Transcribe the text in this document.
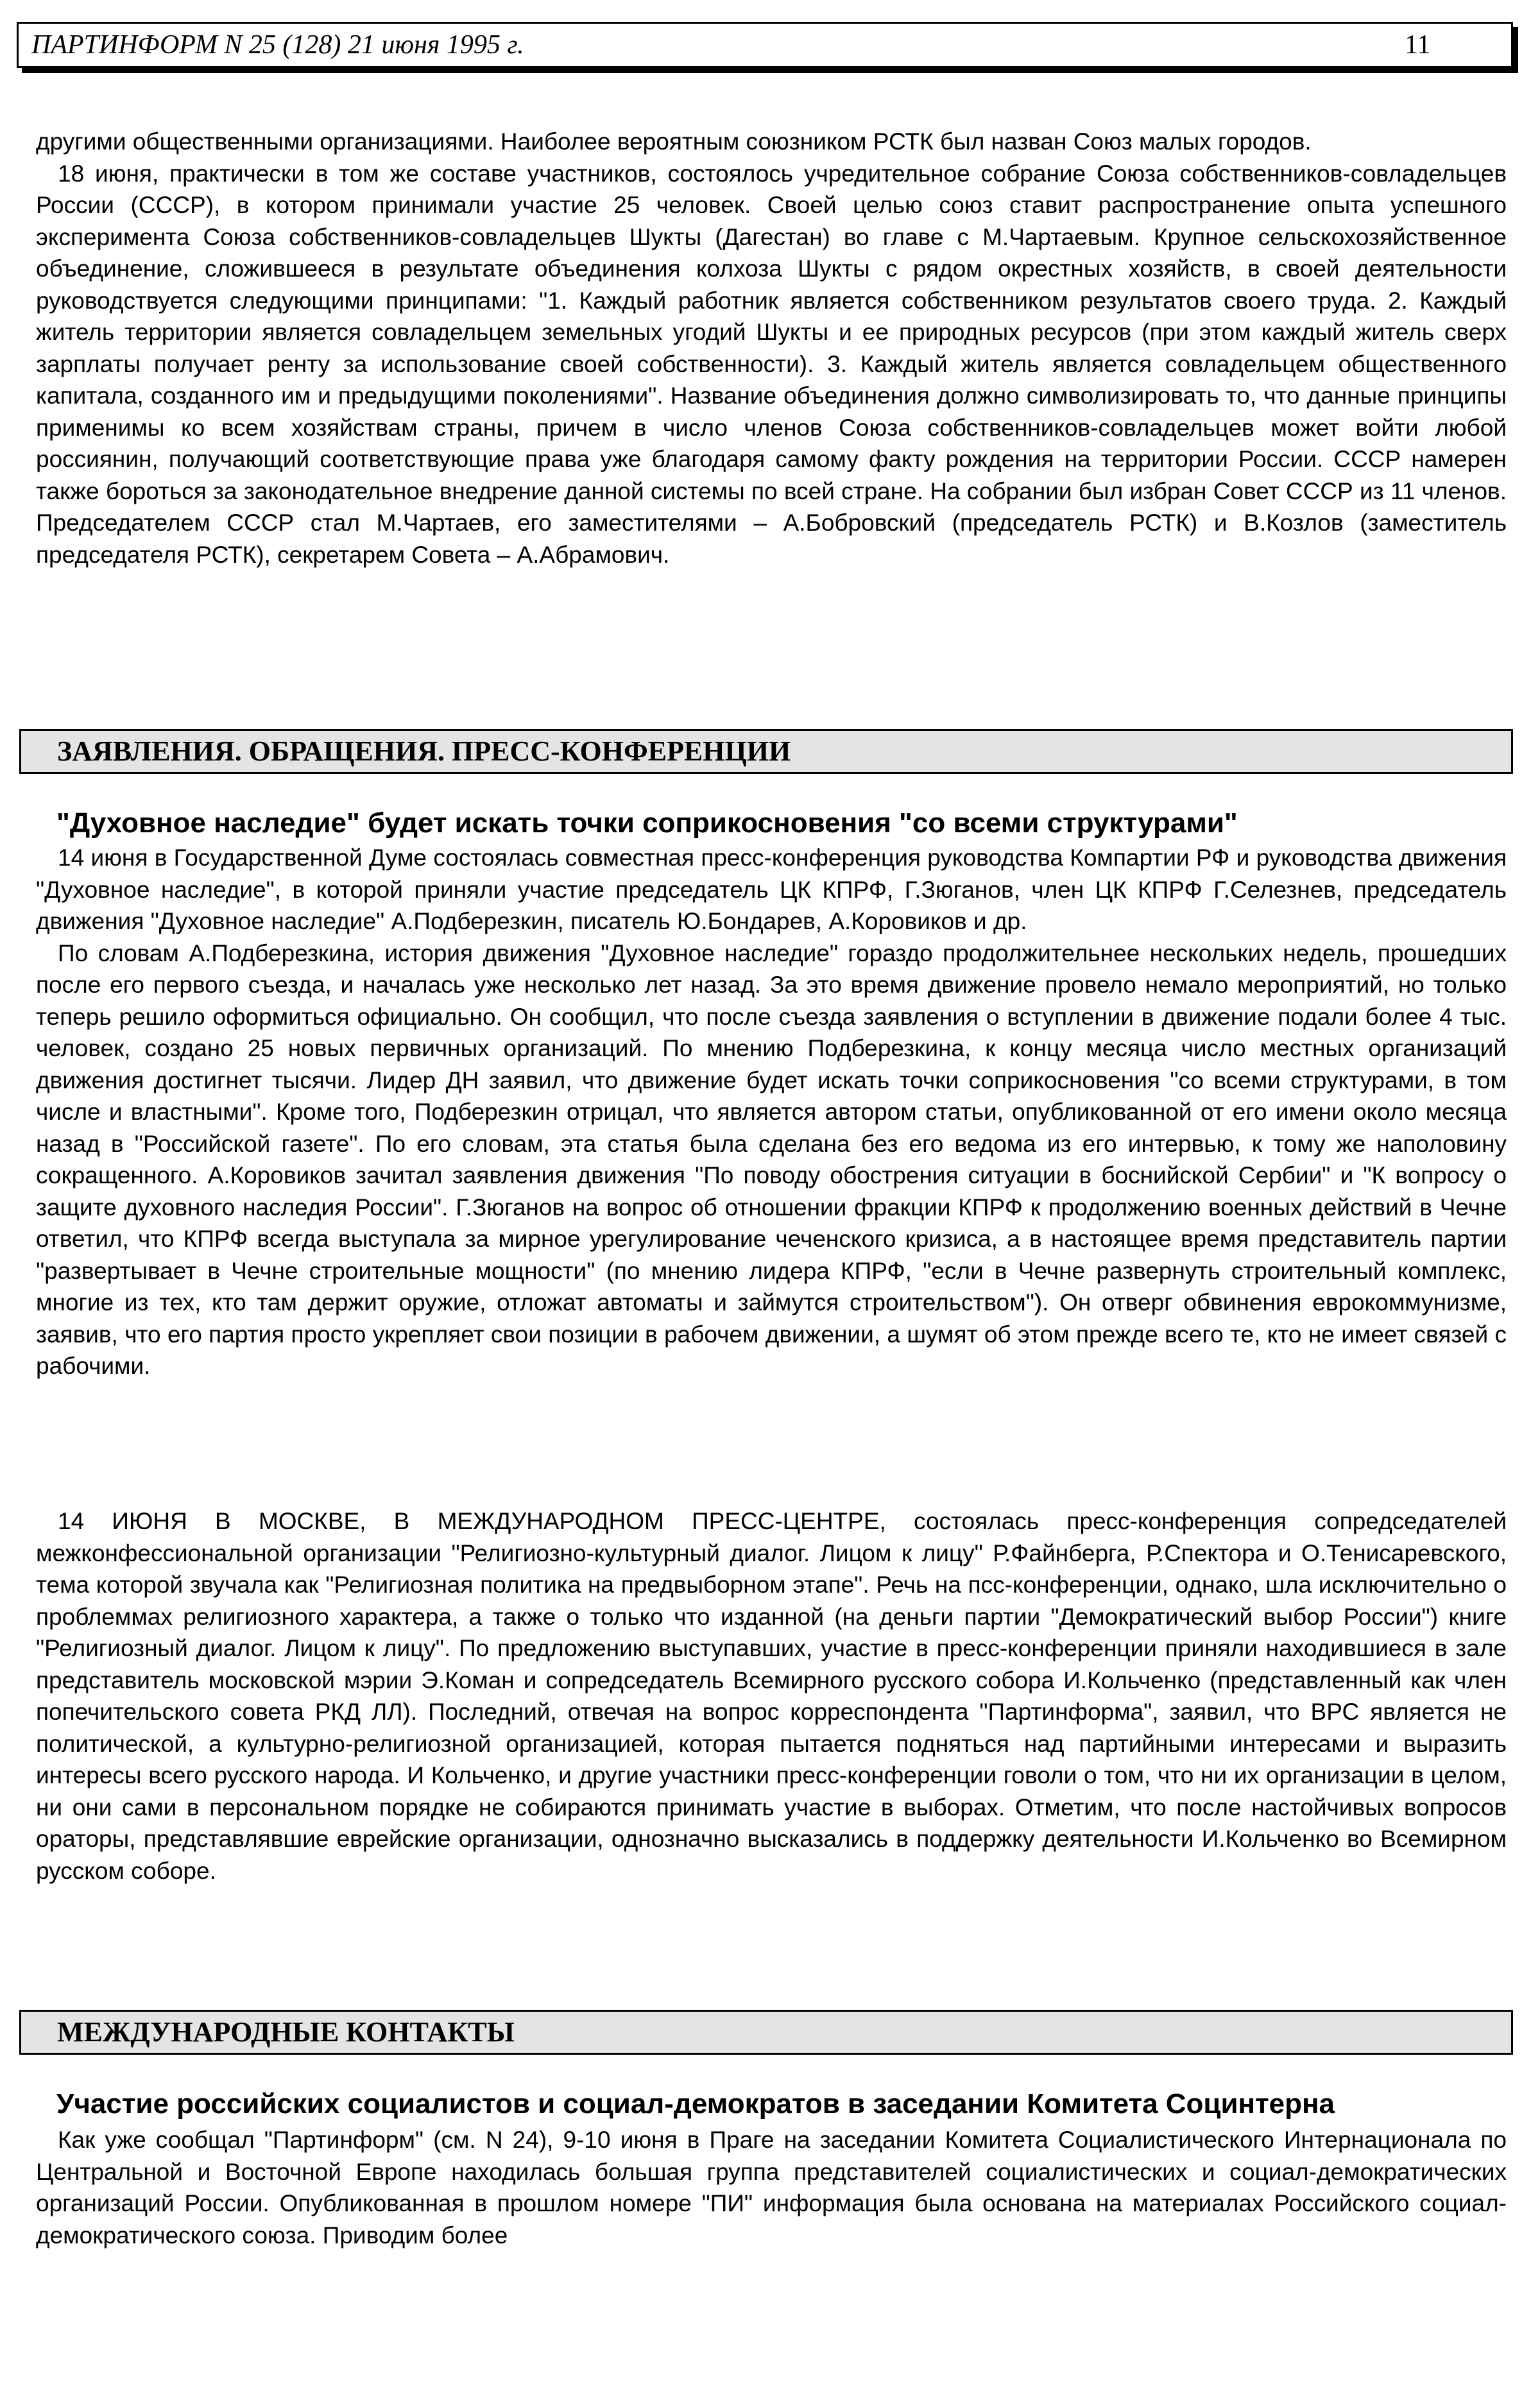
ПАРТИНФОРМ N 25 (128) 21 июня 1995 г.	11

другими общественными организациями. Наиболее вероятным союзником РСТК был назван Союз малых городов.

18 июня, практически в том же составе участников, состоялось учредительное собрание Союза собственников-совладельцев России (СССР), в котором принимали участие 25 человек. Своей целью союз ставит распространение опыта успешного эксперимента Союза собственников-совладельцев Шукты (Дагестан) во главе с М.Чартаевым. Крупное сельскохозяйственное объединение, сложившееся в результате объединения колхоза Шукты с рядом окрестных хозяйств, в своей деятельности руководствуется следующими принципами: "1. Каждый работник является собственником результатов своего труда. 2. Каждый житель территории является совладельцем земельных угодий Шукты и ее природных ресурсов (при этом каждый житель сверх зарплаты получает ренту за использование своей собственности). 3. Каждый житель является совладельцем общественного капитала, созданного им и предыдущими поколениями". Название объединения должно символизировать то, что данные принципы применимы ко всем хозяйствам страны, причем в число членов Союза собственников-совладельцев может войти любой россиянин, получающий соответствующие права уже благодаря самому факту рождения на территории России. СССР намерен также бороться за законодательное внедрение данной системы по всей стране. На собрании был избран Совет СССР из 11 членов. Председателем СССР стал М.Чартаев, его заместителями – А.Бобровский (председатель РСТК) и В.Козлов (заместитель председателя РСТК), секретарем Совета – А.Абрамович.

ЗАЯВЛЕНИЯ. ОБРАЩЕНИЯ. ПРЕСС-КОНФЕРЕНЦИИ
"Духовное наследие" будет искать точки соприкосновения "со всеми структурами"

14 июня в Государственной Думе состоялась совместная пресс-конференция руководства Компартии РФ и руководства движения "Духовное наследие", в которой приняли участие председатель ЦК КПРФ, Г.Зюганов, член ЦК КПРФ Г.Селезнев, председатель движения "Духовное наследие" А.Подберезкин, писатель Ю.Бондарев, А.Коровиков и др.

По словам А.Подберезкина, история движения "Духовное наследие" гораздо продолжительнее нескольких недель, прошедших после его первого съезда, и началась уже несколько лет назад. За это время движение провело немало мероприятий, но только теперь решило оформиться официально. Он сообщил, что после съезда заявления о вступлении в движение подали более 4 тыс. человек, создано 25 новых первичных организаций. По мнению Подберезкина, к концу месяца число местных организаций движения достигнет тысячи. Лидер ДН заявил, что движение будет искать точки соприкосновения "со всеми структурами, в том числе и властными". Кроме того, Подберезкин отрицал, что является автором статьи, опубликованной от его имени около месяца назад в "Российской газете". По его словам, эта статья была сделана без его ведома из его интервью, к тому же наполовину сокращенного. А.Коровиков зачитал заявления движения "По поводу обострения ситуации в боснийской Сербии" и "К вопросу о защите духовного наследия России". Г.Зюганов на вопрос об отношении фракции КПРФ к продолжению военных действий в Чечне ответил, что КПРФ всегда выступала за мирное урегулирование чеченского кризиса, а в настоящее время представитель партии "развертывает в Чечне строительные мощности" (по мнению лидера КПРФ, "если в Чечне развернуть строительный комплекс, многие из тех, кто там держит оружие, отложат автоматы и займутся строительством"). Он отверг обвинения еврокоммунизме, заявив, что его партия просто укрепляет свои позиции в рабочем движении, а шумят об этом прежде всего те, кто не имеет связей с рабочими.

14 ИЮНЯ В МОСКВЕ, В МЕЖДУНАРОДНОМ ПРЕСС-ЦЕНТРЕ, состоялась пресс-конференция сопредседателей межконфессиональной организации "Религиозно-культурный диалог. Лицом к лицу" Р.Файнберга, Р.Спектора и О.Тенисаревского, тема которой звучала как "Религиозная политика на предвыборном этапе". Речь на псс-конференции, однако, шла исключительно о проблеммах религиозного характера, а также о только что изданной (на деньги партии "Демократический выбор России") книге "Религиозный диалог. Лицом к лицу". По предложению выступавших, участие в пресс-конференции приняли находившиеся в зале представитель московской мэрии Э.Коман и сопредседатель Всемирного русского собора И.Кольченко (представленный как член попечительского совета РКД ЛЛ). Последний, отвечая на вопрос корреспондента "Партинформа", заявил, что ВРС является не политической, а культурно-религиозной организацией, которая пытается подняться над партийными интересами и выразить интересы всего русского народа. И Кольченко, и другие участники пресс-конференции говоли о том, что ни их организации в целом, ни они сами в персональном порядке не собираются принимать участие в выборах. Отметим, что после настойчивых вопросов ораторы, представлявшие еврейские организации, однозначно высказались в поддержку деятельности И.Кольченко во Всемирном русском соборе.

МЕЖДУНАРОДНЫЕ КОНТАКТЫ
Участие российских социалистов и социал-демократов в заседании Комитета Социнтерна

Как уже сообщал "Партинформ" (см. N 24), 9-10 июня в Праге на заседании Комитета Социалистического Интернационала по Центральной и Восточной Европе находилась большая группа представителей социалистических и социал-демократических организаций России. Опубликованная в прошлом номере "ПИ" информация была основана на материалах Российского социал-демократического союза. Приводим более
